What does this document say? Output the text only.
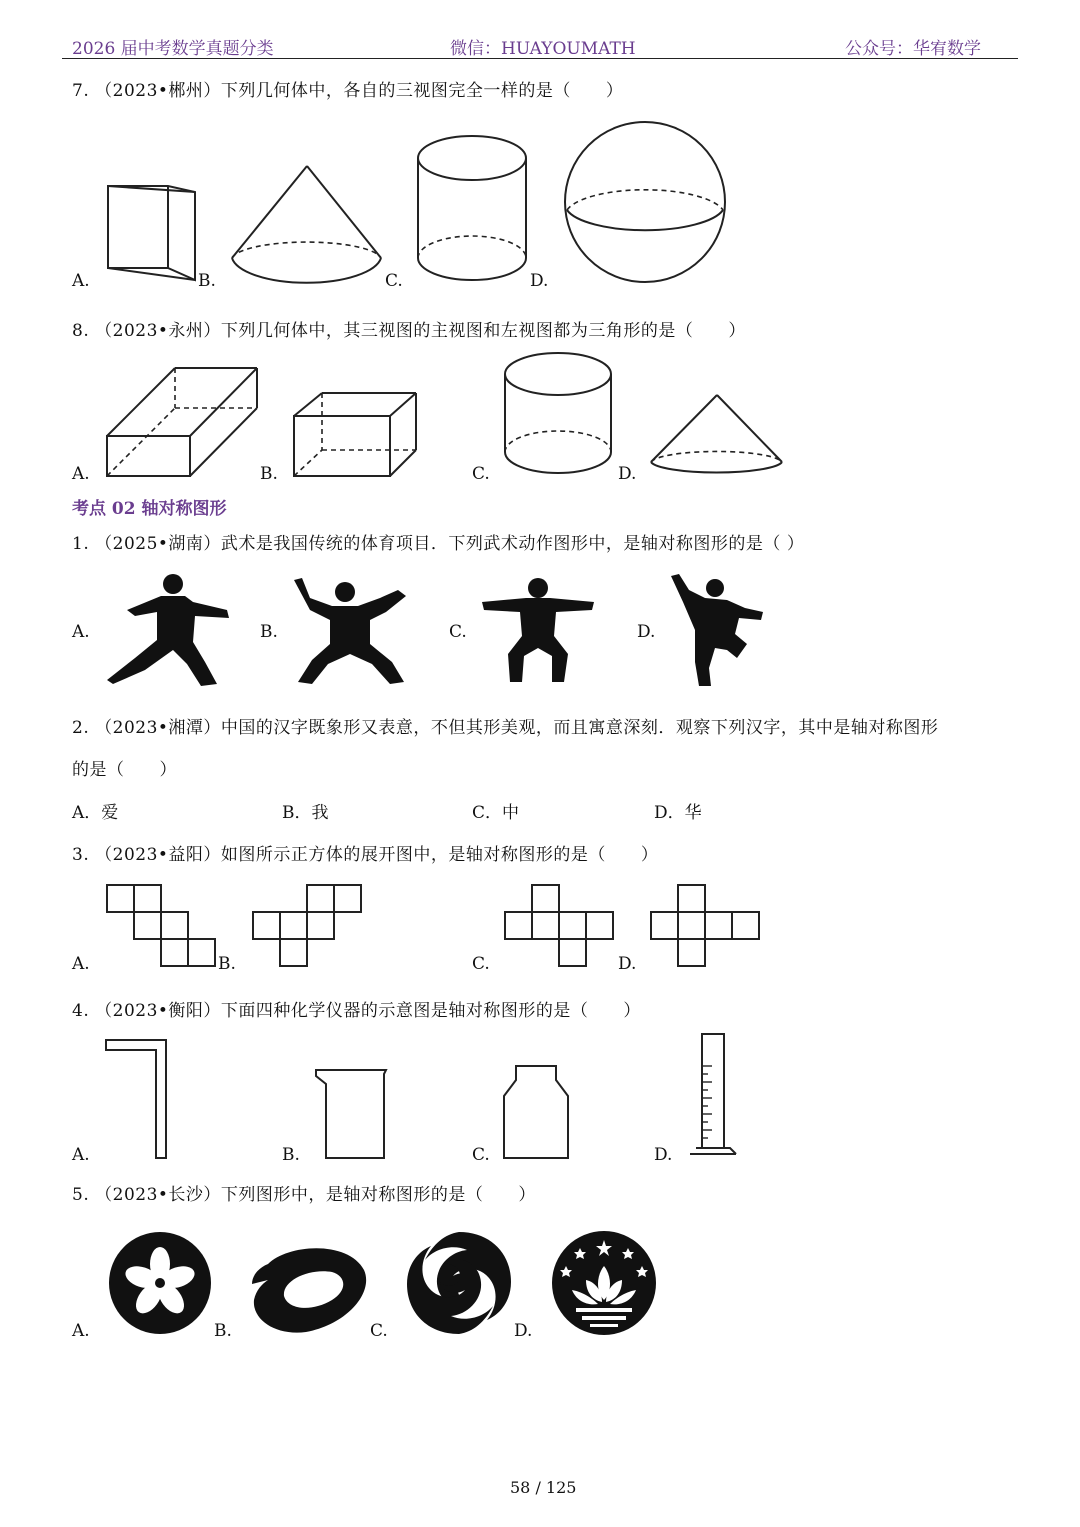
2026 届中考数学真题分类	微信：HUAYOUMATH	公众号：华宥数学
7. （2023•郴州）下列几何体中，各自的三视图完全一样的是（　　）
A.	B.	C.	D.
8. （2023•永州）下列几何体中，其三视图的主视图和左视图都为三角形的是（　　）
A.	B.	C.	D.
考点 02 轴对称图形
1. （2025•湖南）武术是我国传统的体育项目．下列武术动作图形中，是轴对称图形的是（ ）
A.	B.	C.	D.
2. （2023•湘潭）中国的汉字既象形又表意，不但其形美观，而且寓意深刻．观察下列汉字，其中是轴对称图形
的是（　　）
A．爱	B．我	C．中	D．华
3. （2023•益阳）如图所示正方体的展开图中，是轴对称图形的是（　　）
A.	B.	C.	D.
4. （2023•衡阳）下面四种化学仪器的示意图是轴对称图形的是（　　）
A.	B.	C.	D.
5. （2023•长沙）下列图形中，是轴对称图形的是（　　）
A.	B.	C.	D.
58 / 125
